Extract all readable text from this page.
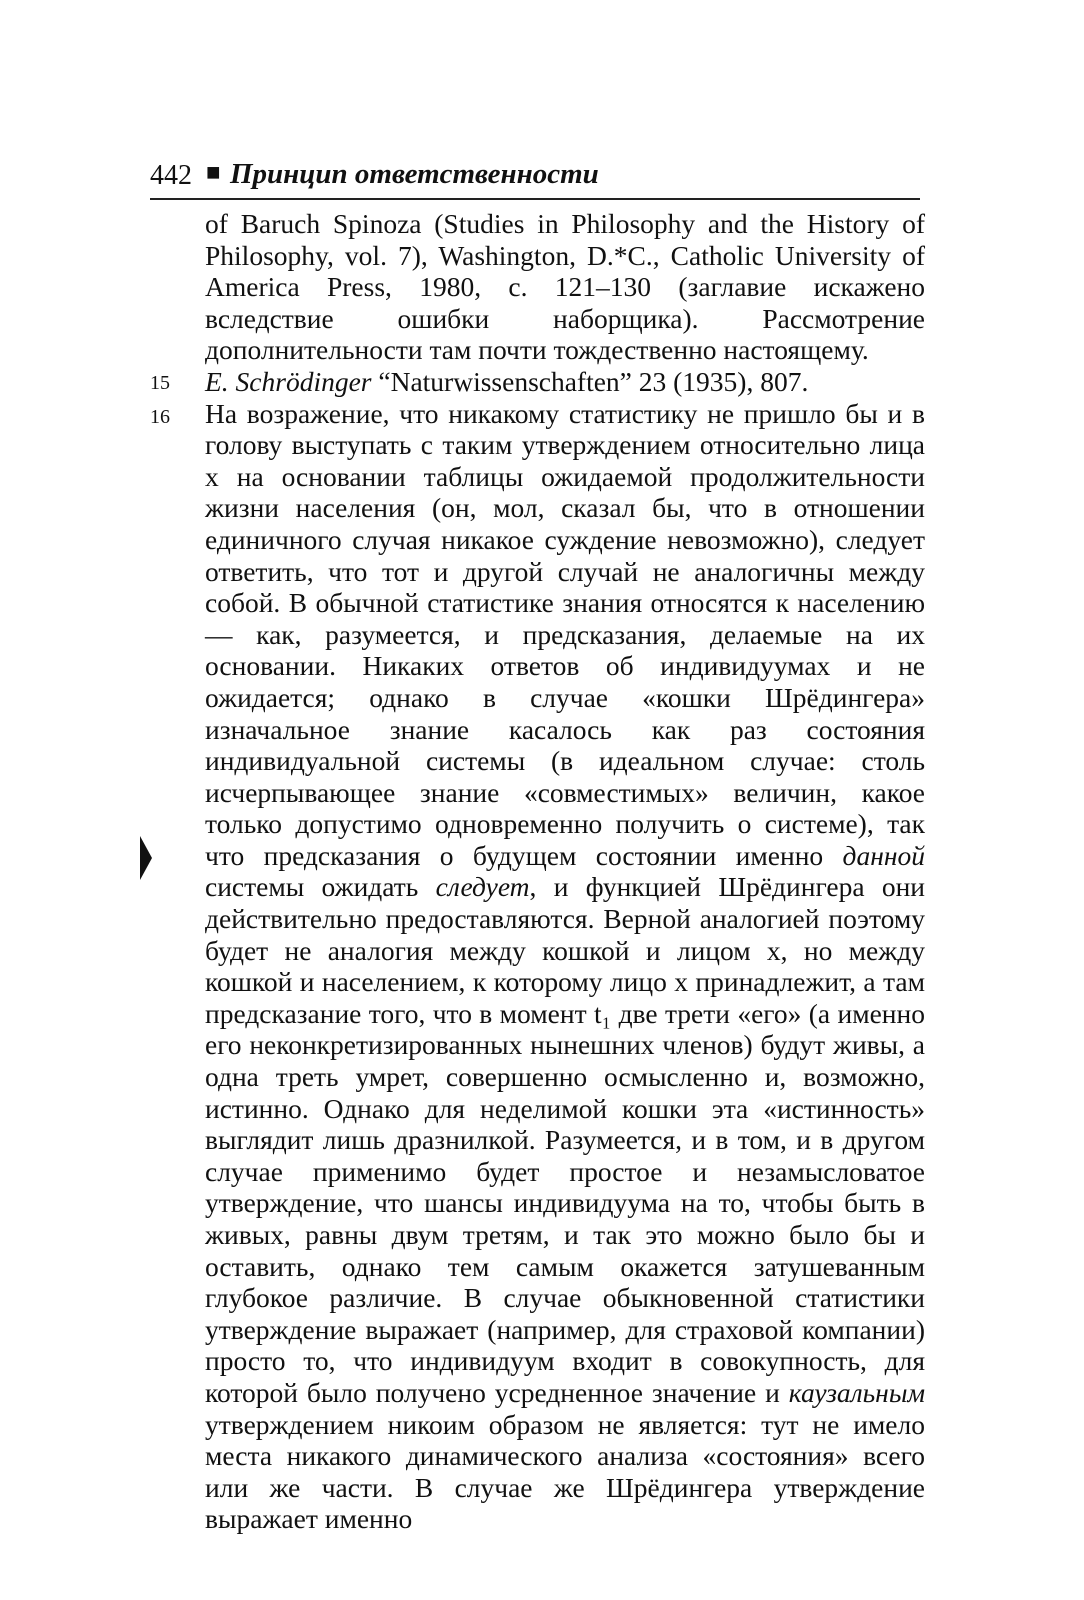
442 ■ Принцип ответственности
15
16

of Baruch Spinoza (Studies in Philosophy and the History of Philosophy, vol. 7), Washington, D.*C., Catholic University of America Press, 1980, c. 121–130 (заглавие искажено вследствие ошибки наборщика). Рассмотрение дополнительности там почти тождественно настоящему.

E. Schrödinger “Naturwissenschaften” 23 (1935), 807.

На возражение, что никакому статистику не пришло бы и в голову выступать с таким утверждением относительно лица x на основании таблицы ожидаемой продолжительности жизни населения (он, мол, сказал бы, что в отношении единичного случая никакое суждение невозможно), следует ответить, что тот и другой случай не аналогичны между собой. В обычной статистике знания относятся к населению — как, разумеется, и предсказания, делаемые на их основании. Никаких ответов об индивидуумах и не ожидается; однако в случае «кошки Шрёдингера» изначальное знание касалось как раз состояния индивидуальной системы (в идеальном случае: столь исчерпывающее знание «совместимых» величин, какое только допустимо одновременно получить о системе), так что предсказания о будущем состоянии именно данной системы ожидать следует, и функцией Шрёдингера они действительно предоставляются. Верной аналогией поэтому будет не аналогия между кошкой и лицом x, но между кошкой и населением, к которому лицо x принадлежит, а там предсказание того, что в момент t₁ две трети «его» (а именно его неконкретизированных нынешних членов) будут живы, а одна треть умрет, совершенно осмысленно и, возможно, истинно. Однако для неделимой кошки эта «истинность» выглядит лишь дразнилкой. Разумеется, и в том, и в другом случае применимо будет простое и незамысловатое утверждение, что шансы индивидуума на то, чтобы быть в живых, равны двум третям, и так это можно было бы и оставить, однако тем самым окажется затушеванным глубокое различие. В случае обыкновенной статистики утверждение выражает (например, для страховой компании) просто то, что индивидуум входит в совокупность, для которой было получено усредненное значение и каузальным утверждением никоим образом не является: тут не имело места никакого динамического анализа «состояния» всего или же части. В случае же Шрёдингера утверждение выражает именно
